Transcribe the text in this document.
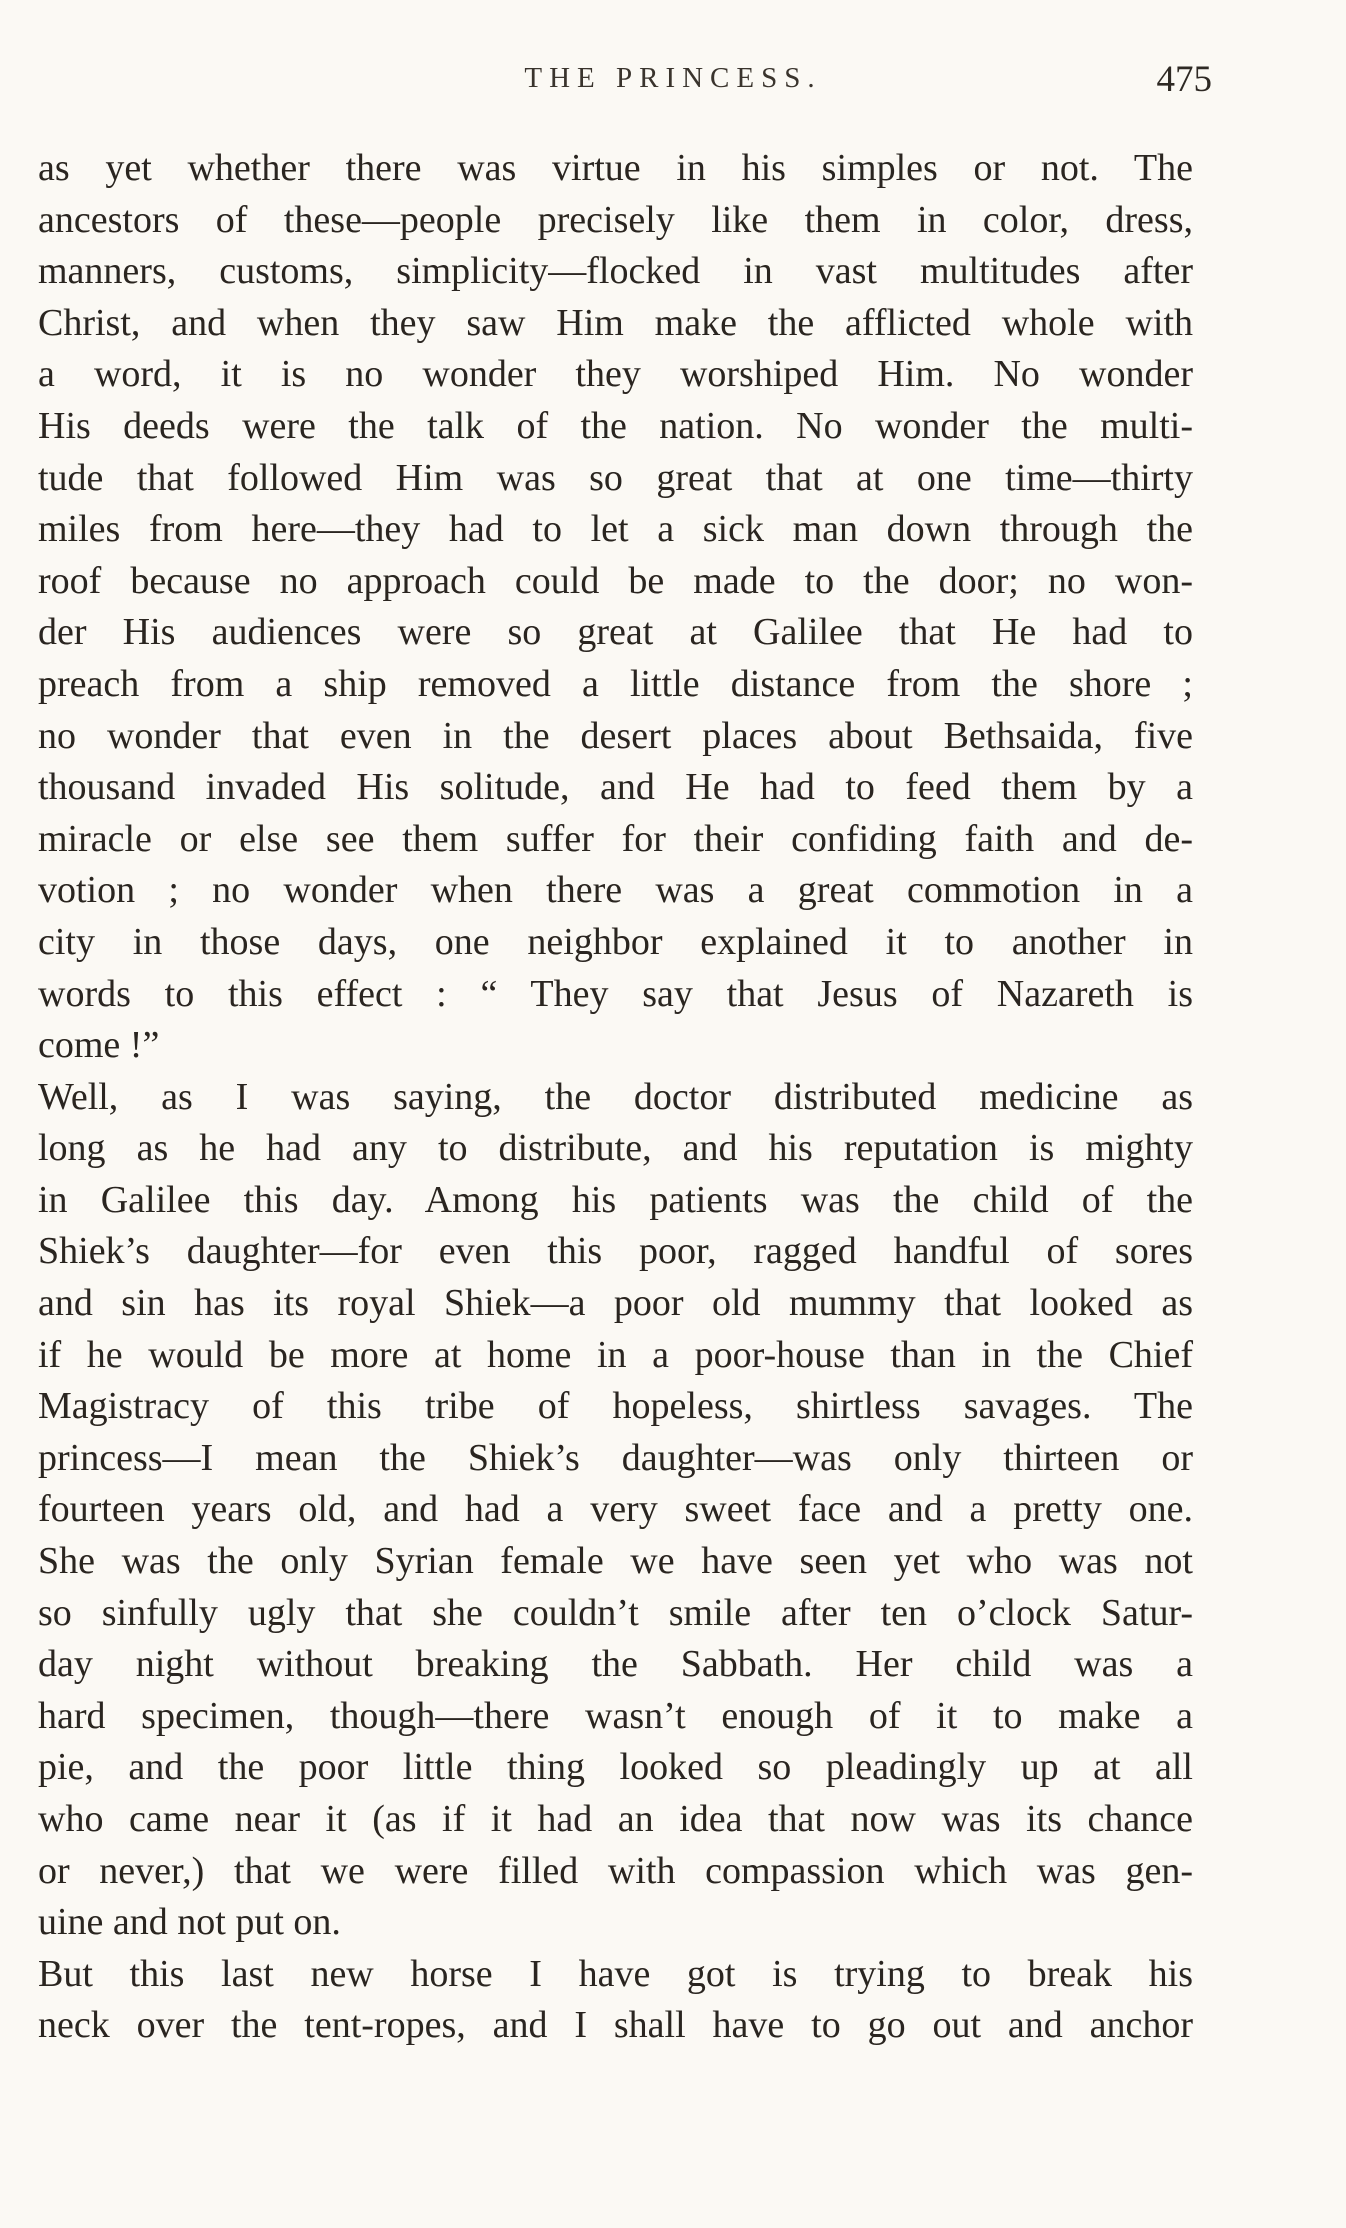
THE PRINCESS.	475
as yet whether there was virtue in his simples or not. The
ancestors of these—people precisely like them in color, dress,
manners, customs, simplicity—flocked in vast multitudes after
Christ, and when they saw Him make the afflicted whole with
a word, it is no wonder they worshiped Him. No wonder
His deeds were the talk of the nation. No wonder the multi-
tude that followed Him was so great that at one time—thirty
miles from here—they had to let a sick man down through the
roof because no approach could be made to the door; no won-
der His audiences were so great at Galilee that He had to
preach from a ship removed a little distance from the shore ;
no wonder that even in the desert places about Bethsaida, five
thousand invaded His solitude, and He had to feed them by a
miracle or else see them suffer for their confiding faith and de-
votion ; no wonder when there was a great commotion in a
city in those days, one neighbor explained it to another in
words to this effect : “ They say that Jesus of Nazareth is
come !”
Well, as I was saying, the doctor distributed medicine as
long as he had any to distribute, and his reputation is mighty
in Galilee this day. Among his patients was the child of the
Shiek’s daughter—for even this poor, ragged handful of sores
and sin has its royal Shiek—a poor old mummy that looked as
if he would be more at home in a poor-house than in the Chief
Magistracy of this tribe of hopeless, shirtless savages. The
princess—I mean the Shiek’s daughter—was only thirteen or
fourteen years old, and had a very sweet face and a pretty one.
She was the only Syrian female we have seen yet who was not
so sinfully ugly that she couldn’t smile after ten o’clock Satur-
day night without breaking the Sabbath. Her child was a
hard specimen, though—there wasn’t enough of it to make a
pie, and the poor little thing looked so pleadingly up at all
who came near it (as if it had an idea that now was its chance
or never,) that we were filled with compassion which was gen-
uine and not put on.
But this last new horse I have got is trying to break his
neck over the tent-ropes, and I shall have to go out and anchor
